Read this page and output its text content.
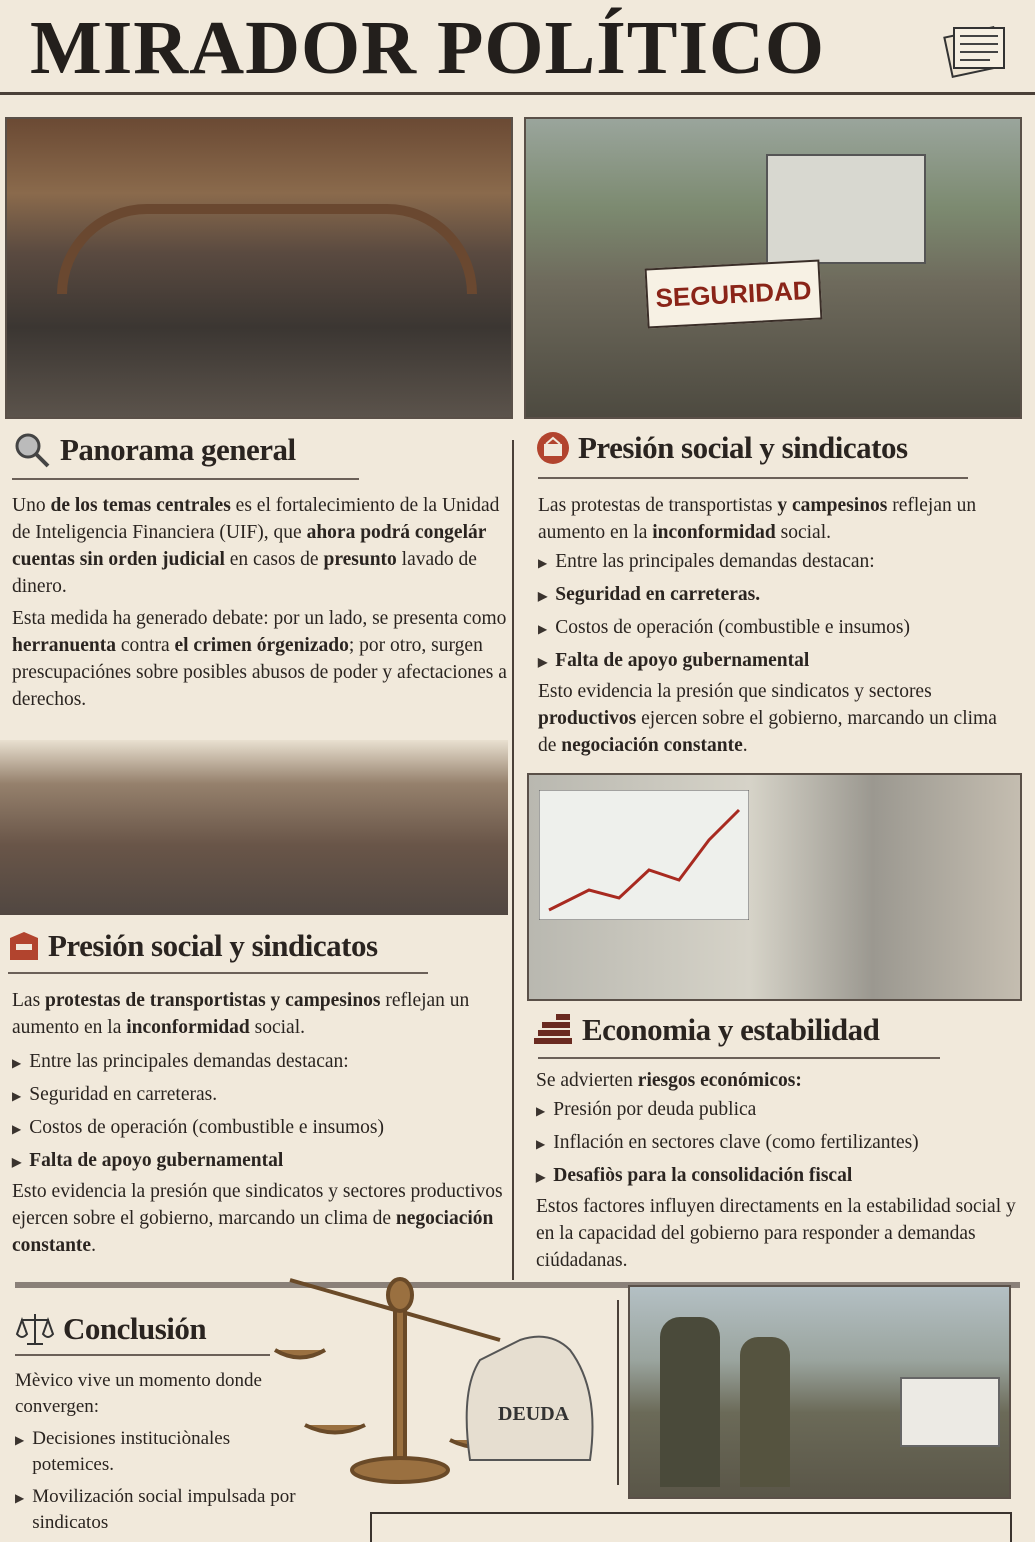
MIRADOR POLÍTICO
SEGURIDAD
Panorama general

Uno de los temas centrales es el fortalecimiento de la Unidad de Inteligencia Financiera (UIF), que ahora podrá congelár cuentas sin orden judicial en casos de presunto lavado de dinero.

Esta medida ha generado debate: por un lado, se presenta como herranuenta contra el crimen órgenizado; por otro, surgen prescupaciónes sobre posibles abusos de poder y afectaciones a derechos.

Presión social y sindicatos

Las protestas de transportistas y campesinos reflejan un aumento en la inconformidad social.

▶ Entre las principales demandas destacan:
▶ Seguridad en carreteras.
▶ Costos de operación (combustible e insumos)
▶ Falta de apoyo gubernamental

Esto evidencia la presión que sindicatos y sectores productivos ejercen sobre el gobierno, marcando un clima de negociación constante.

Presión social y sindicatos

Las protestas de transportistas y campesinos reflejan un aumento en la inconformidad social.

▶ Entre las principales demandas destacan:
▶ Seguridad en carreteras.
▶ Costos de operación (combustible e insumos)
▶ Falta de apoyo gubernamental

Esto evidencia la presión que sindicatos y sectores productivos ejercen sobre el gobierno, marcando un clima de negociación constante.

Economia y estabilidad

Se advierten riesgos económicos:

▶ Presión por deuda publica
▶ Inflación en sectores clave (como fertilizantes)
▶ Desafiòs para la consolidación fiscal

Estos factores influyen directaments en la estabilidad social y en la capacidad del gobierno para responder a demandas ciúdadanas.

Conclusión

Mèvico vive un momento donde convergen:

▶ Decisiones instituciònales potemices.
▶ Movilización social impulsada por sindicatos
DEUDA
